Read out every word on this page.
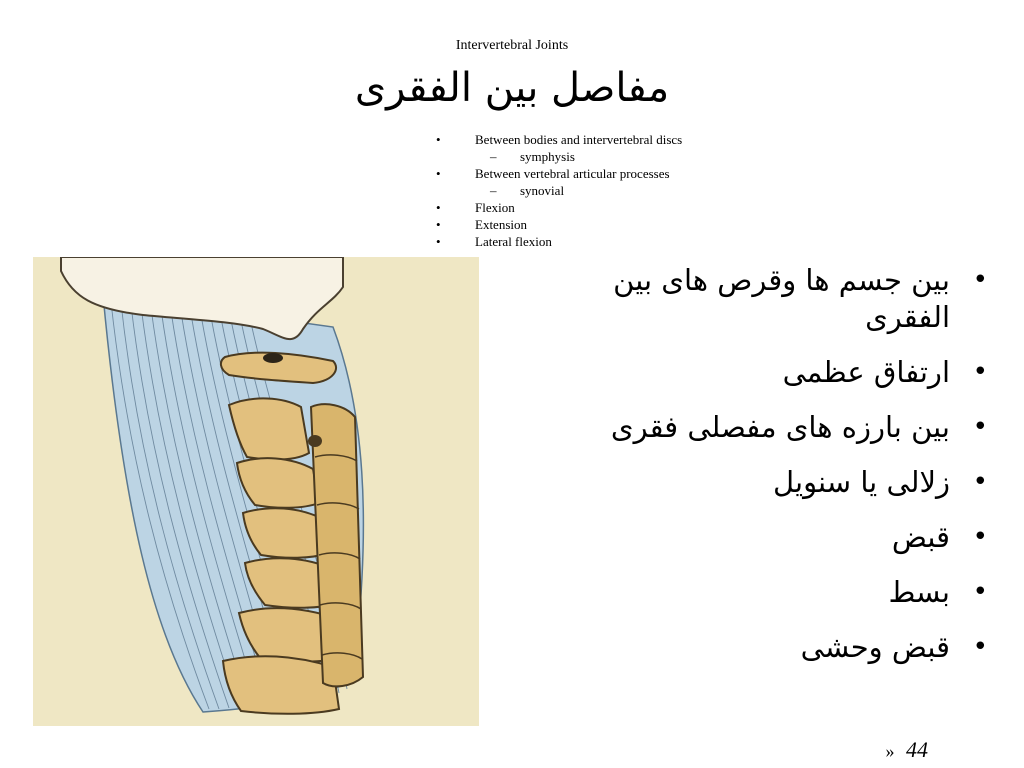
Intervertebral Joints
مفاصل بين الفقرى
•	Between bodies and intervertebral discs
– symphysis
•	Between vertebral articular processes
– synovial
•	Flexion
•	Extension
•	Lateral flexion
•
بين جسم ها وقرص های بين الفقری
•
ارتفاق عظمی
•
بين بارزه های مفصلی فقری
•
زلالی يا سنويل
•
قبض
•
بسط
•
قبض وحشی
» 44
